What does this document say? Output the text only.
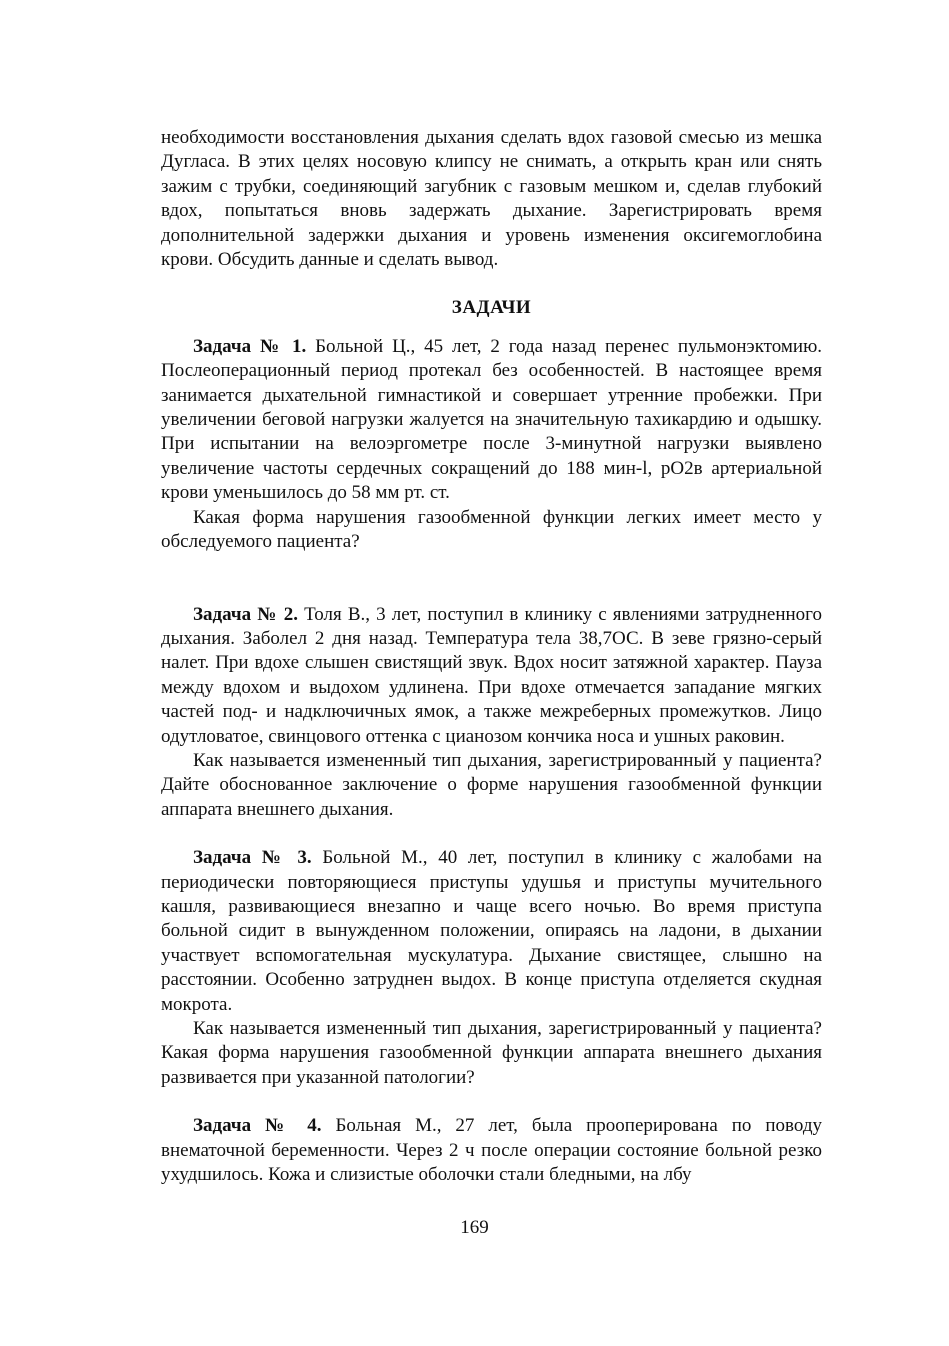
необходимости восстановления дыхания сделать вдох газовой смесью из мешка Дугласа. В этих целях носовую клипсу не снимать, а открыть кран или снять зажим с трубки, соединяющий загубник с газовым мешком и, сделав глубокий вдох, попытаться вновь задержать дыхание. Зарегистрировать время дополнительной задержки дыхания и уровень изменения оксигемоглобина крови. Обсудить данные и сделать вывод.

ЗАДАЧИ

Задача № 1. Больной Ц., 45 лет, 2 года назад перенес пульмонэктомию. Послеоперационный период протекал без особенностей. В настоящее время занимается дыхательной гимнастикой и совершает утренние пробежки. При увеличении беговой нагрузки жалуется на значительную тахикардию и одышку. При испытании на велоэргометре после 3-минутной нагрузки выявлено увеличение частоты сердечных сокращений до 188 мин-l, pO2в артериальной крови уменьшилось до 58 мм рт. ст.

Какая форма нарушения газообменной функции легких имеет место у обследуемого пациента?

Задача № 2. Толя В., 3 лет, поступил в клинику с явлениями затрудненного дыхания. Заболел 2 дня назад. Температура тела 38,7ОС. В зеве грязно-серый налет. При вдохе слышен свистящий звук. Вдох носит затяжной характер. Пауза между вдохом и выдохом удлинена. При вдохе отмечается западание мягких частей под- и надключичных ямок, а также межреберных промежутков. Лицо одутловатое, свинцового оттенка с цианозом кончика носа и ушных раковин.

Как называется измененный тип дыхания, зарегистрированный у пациента? Дайте обоснованное заключение о форме нарушения газообменной функции аппарата внешнего дыхания.

Задача № 3. Больной М., 40 лет, поступил в клинику с жалобами на периодически повторяющиеся приступы удушья и приступы мучительного кашля, развивающиеся внезапно и чаще всего ночью. Во время приступа больной сидит в вынужденном положении, опираясь на ладони, в дыхании участвует вспомогательная мускулатура. Дыхание свистящее, слышно на расстоянии. Особенно затруднен выдох. В конце приступа отделяется скудная мокрота.

Как называется измененный тип дыхания, зарегистрированный у пациента? Какая форма нарушения газообменной функции аппарата внешнего дыхания развивается при указанной патологии?

Задача № 4. Больная М., 27 лет, была прооперирована по поводу внематочной беременности. Через 2 ч после операции состояние больной резко ухудшилось. Кожа и слизистые оболочки стали бледными, на лбу

169
